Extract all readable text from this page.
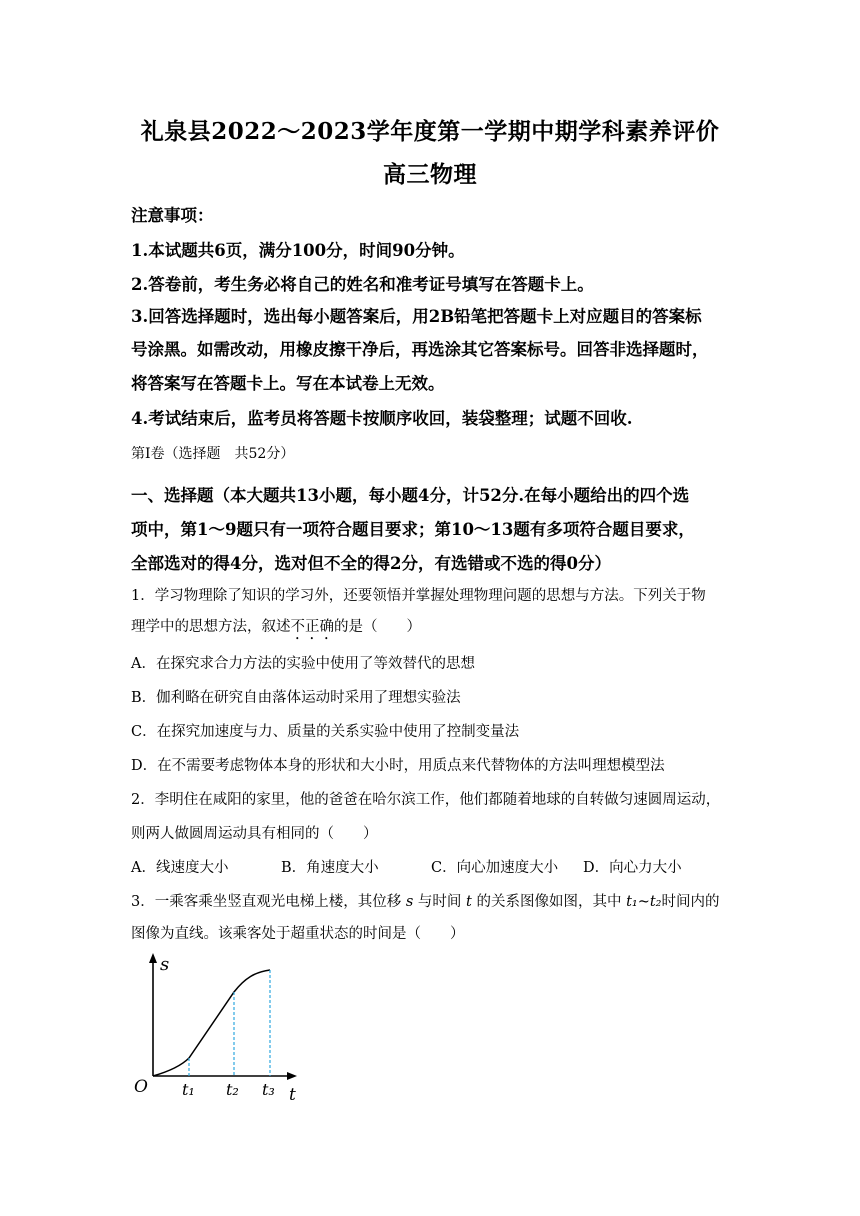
礼泉县2022～2023学年度第一学期中期学科素养评价
高三物理
注意事项：
1.本试题共6页，满分100分，时间90分钟。
2.答卷前，考生务必将自己的姓名和准考证号填写在答题卡上。
3.回答选择题时，选出每小题答案后，用2B铅笔把答题卡上对应题目的答案标
号涂黑。如需改动，用橡皮擦干净后，再选涂其它答案标号。回答非选择题时，
将答案写在答题卡上。写在本试卷上无效。
4.考试结束后，监考员将答题卡按顺序收回，装袋整理；试题不回收.
第Ⅰ卷（选择题　共52分）
一、选择题（本大题共13小题，每小题4分，计52分.在每小题给出的四个选
项中，第1～9题只有一项符合题目要求；第10～13题有多项符合题目要求，
全部选对的得4分，选对但不全的得2分，有选错或不选的得0分）
1．学习物理除了知识的学习外，还要领悟并掌握处理物理问题的思想与方法。下列关于物
理学中的思想方法，叙述不正确的是（　　）
A．在探究求合力方法的实验中使用了等效替代的思想
B．伽利略在研究自由落体运动时采用了理想实验法
C．在探究加速度与力、质量的关系实验中使用了控制变量法
D．在不需要考虑物体本身的形状和大小时，用质点来代替物体的方法叫理想模型法
2．李明住在咸阳的家里，他的爸爸在哈尔滨工作，他们都随着地球的自转做匀速圆周运动，
则两人做圆周运动具有相同的（　　）
A．线速度大小	B．角速度大小	C．向心加速度大小 D．向心力大小
3．一乘客乘坐竖直观光电梯上楼，其位移 s 与时间 t 的关系图像如图，其中 t₁~t₂时间内的
图像为直线。该乘客处于超重状态的时间是（　　）
s
t
O t₁ t₂ t₃
